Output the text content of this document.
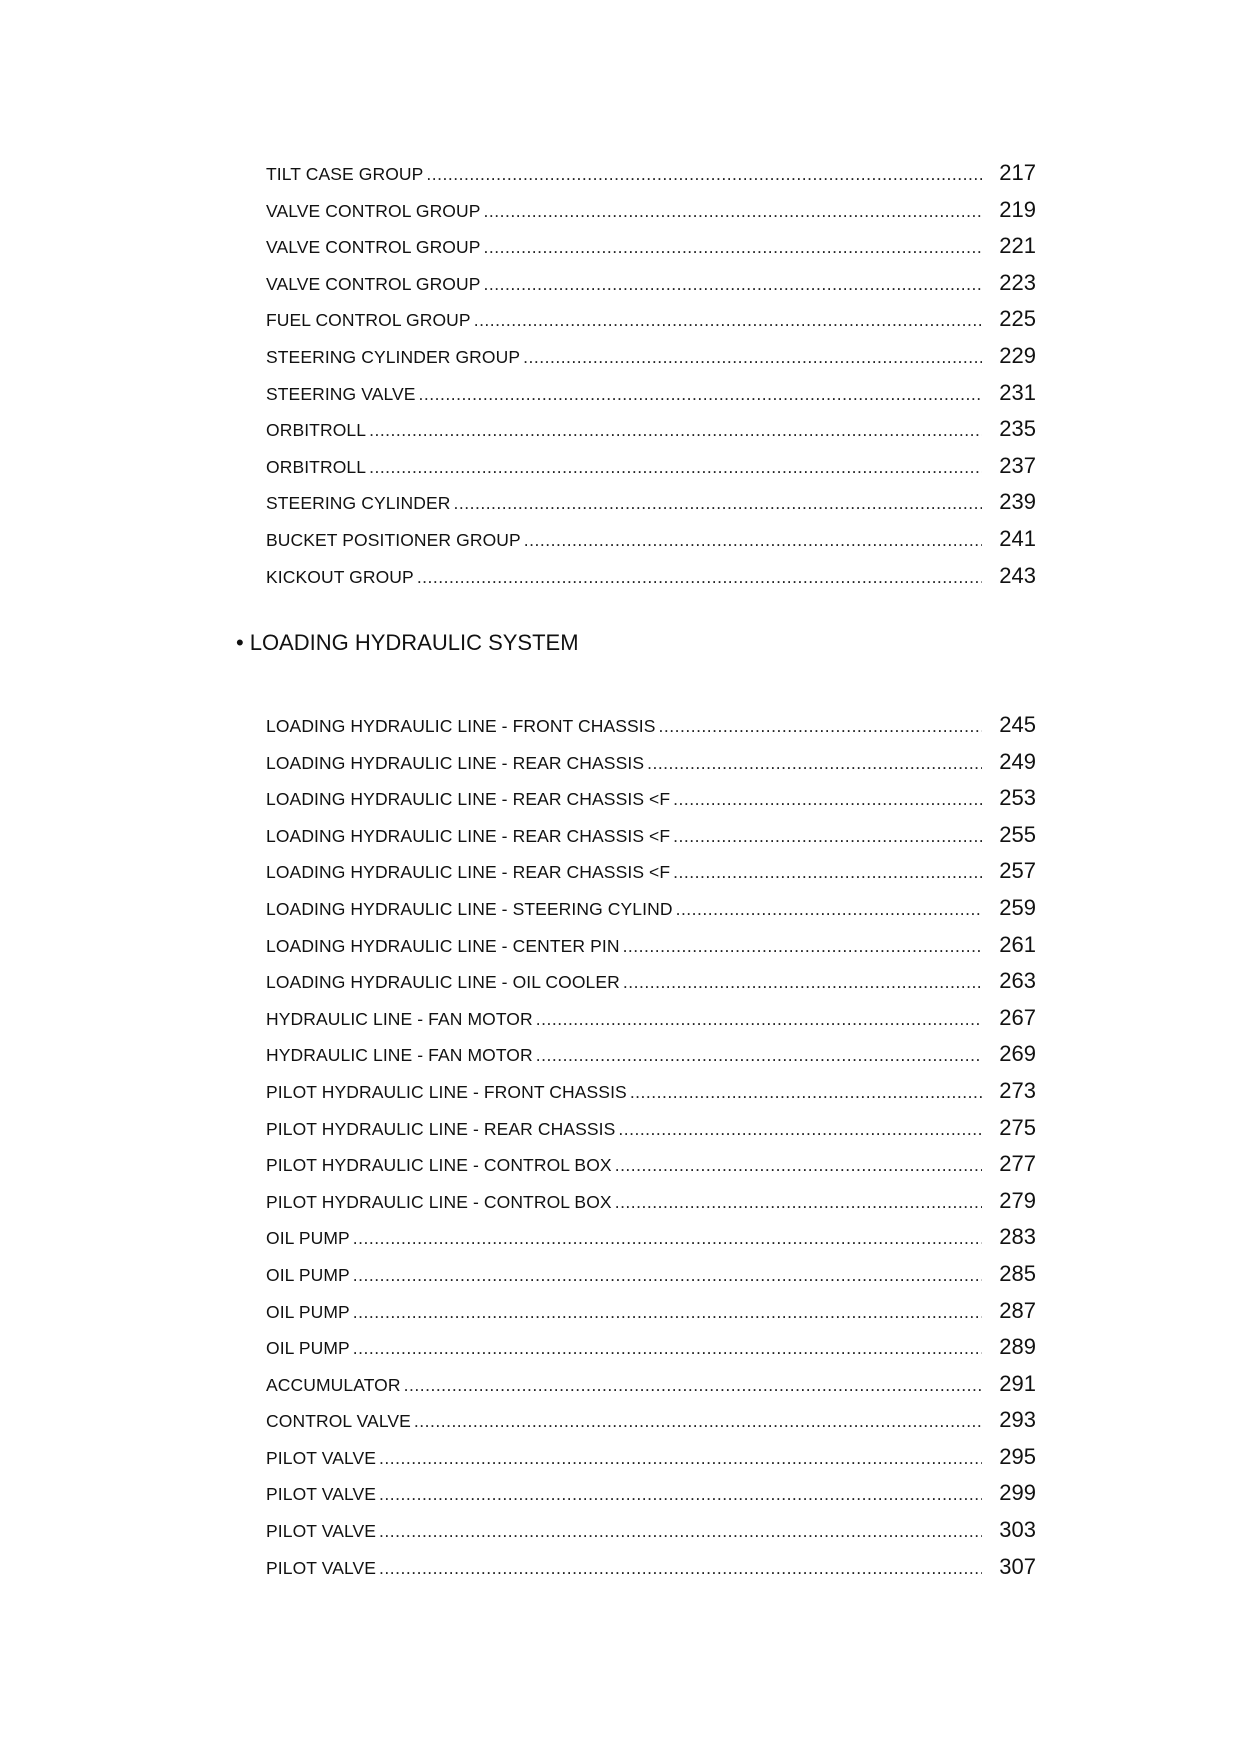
TILT CASE GROUP .....	217
VALVE CONTROL GROUP .....	219
VALVE CONTROL GROUP .....	221
VALVE CONTROL GROUP .....	223
FUEL CONTROL GROUP .....	225
STEERING CYLINDER GROUP .....	229
STEERING VALVE .....	231
ORBITROLL .....	235
ORBITROLL .....	237
STEERING CYLINDER .....	239
BUCKET POSITIONER GROUP .....	241
KICKOUT GROUP .....	243
• LOADING HYDRAULIC SYSTEM
LOADING HYDRAULIC LINE - FRONT CHASSIS .....	245
LOADING HYDRAULIC LINE - REAR CHASSIS .....	249
LOADING HYDRAULIC LINE - REAR CHASSIS <F .....	253
LOADING HYDRAULIC LINE - REAR CHASSIS <F .....	255
LOADING HYDRAULIC LINE - REAR CHASSIS <F .....	257
LOADING HYDRAULIC LINE - STEERING CYLIND .....	259
LOADING HYDRAULIC LINE - CENTER PIN .....	261
LOADING HYDRAULIC LINE - OIL COOLER .....	263
HYDRAULIC LINE - FAN MOTOR .....	267
HYDRAULIC LINE - FAN MOTOR .....	269
PILOT HYDRAULIC LINE - FRONT CHASSIS .....	273
PILOT HYDRAULIC LINE - REAR CHASSIS .....	275
PILOT HYDRAULIC LINE - CONTROL BOX .....	277
PILOT HYDRAULIC LINE - CONTROL BOX .....	279
OIL PUMP .....	283
OIL PUMP .....	285
OIL PUMP .....	287
OIL PUMP .....	289
ACCUMULATOR .....	291
CONTROL VALVE .....	293
PILOT VALVE .....	295
PILOT VALVE .....	299
PILOT VALVE .....	303
PILOT VALVE .....	307
